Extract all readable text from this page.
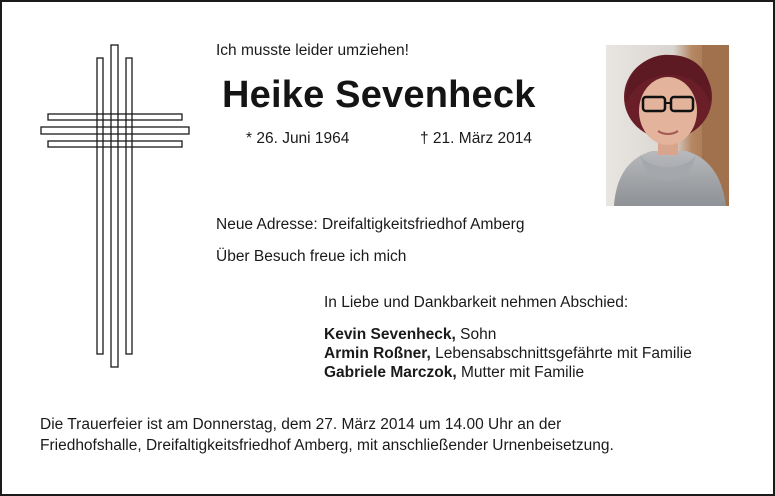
Ich musste leider umziehen!
Heike Sevenheck
* 26. Juni 1964	† 21. März 2014
Neue Adresse: Dreifaltigkeitsfriedhof Amberg
Über Besuch freue ich mich
In Liebe und Dankbarkeit nehmen Abschied:
Kevin Sevenheck, Sohn
Armin Roßner, Lebensabschnittsgefährte mit Familie
Gabriele Marczok, Mutter mit Familie
Die Trauerfeier ist am Donnerstag, dem 27. März 2014 um 14.00 Uhr an der
Friedhofshalle, Dreifaltigkeitsfriedhof Amberg, mit anschließender Urnenbeisetzung.
